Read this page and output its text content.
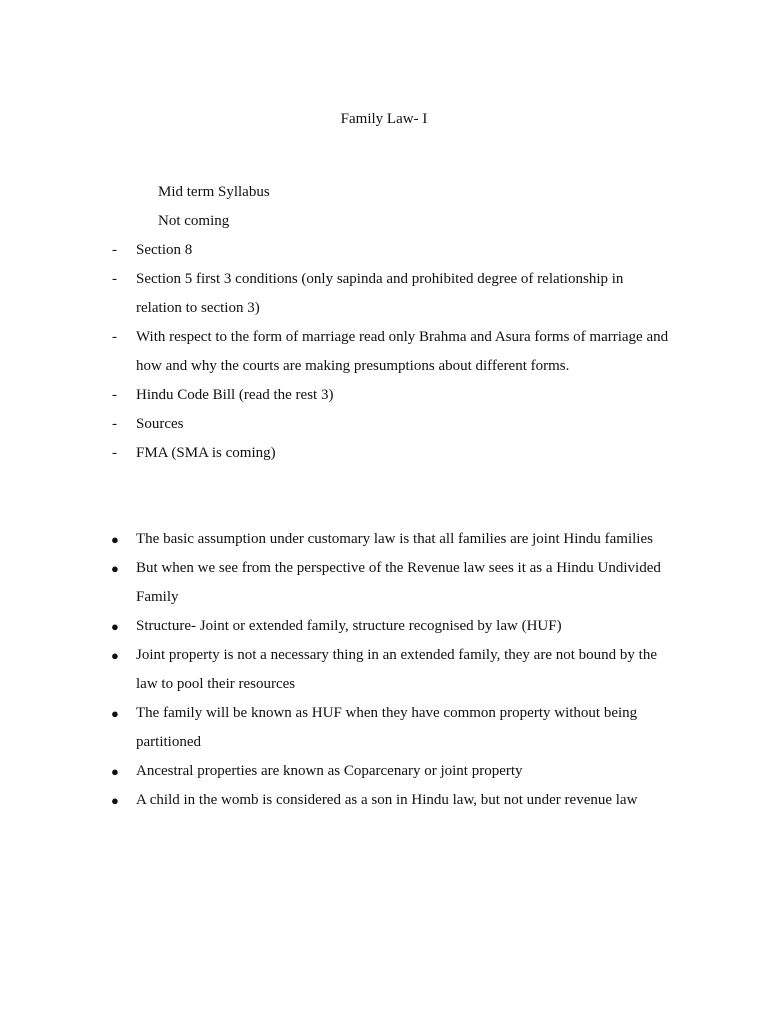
Family Law- I

Mid term Syllabus

Not coming

- Section 8
- Section 5 first 3 conditions (only sapinda and prohibited degree of relationship in relation to section 3)
- With respect to the form of marriage read only Brahma and Asura forms of marriage and how and why the courts are making presumptions about different forms.
- Hindu Code Bill (read the rest 3)
- Sources
- FMA (SMA is coming)
● The basic assumption under customary law is that all families are joint Hindu families
● But when we see from the perspective of the Revenue law sees it as a Hindu Undivided Family
● Structure- Joint or extended family, structure recognised by law (HUF)
● Joint property is not a necessary thing in an extended family, they are not bound by the law to pool their resources
● The family will be known as HUF when they have common property without being partitioned
● Ancestral properties are known as Coparcenary or joint property
● A child in the womb is considered as a son in Hindu law, but not under revenue law
